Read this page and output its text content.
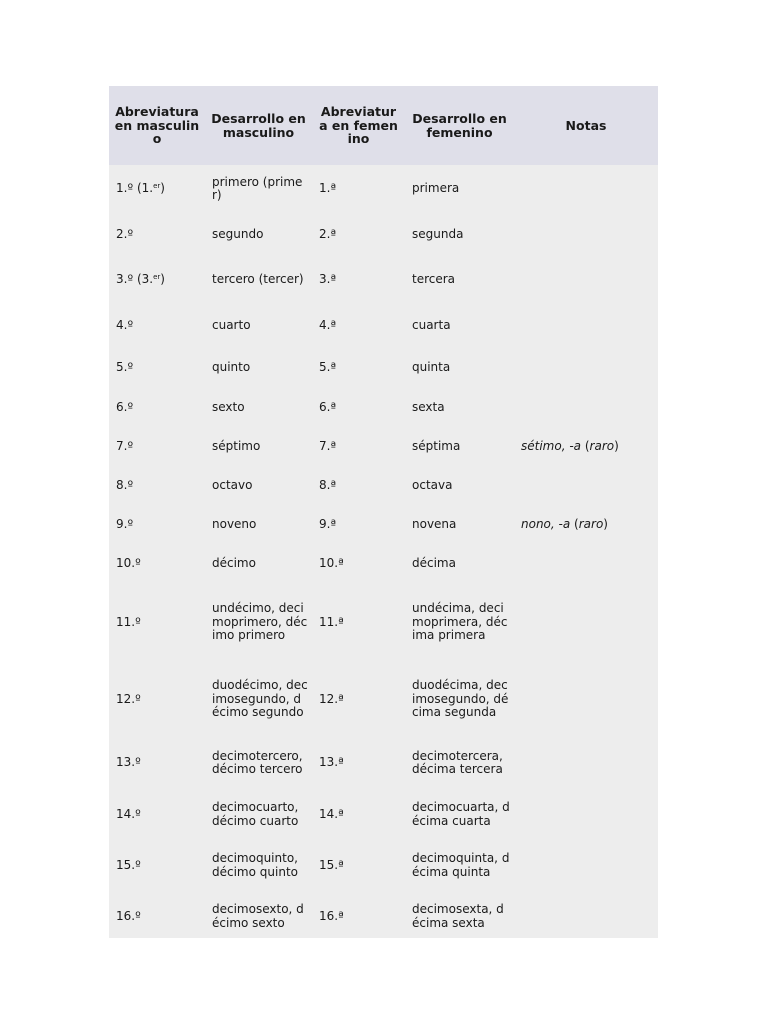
Abreviatura en masculino	Desarrollo en masculino	Abreviatura en femenino	Desarrollo en femenino	Notas
1.º (1.$^{er}$)	primero (primer)	1.ª	primera	
2.º	segundo	2.ª	segunda	
3.º (3.$^{er}$)	tercero (tercer)	3.ª	tercera	
4.º	cuarto	4.ª	cuarta	
5.º	quinto	5.ª	quinta	
6.º	sexto	6.ª	sexta	
7.º	séptimo	7.ª	séptima	sétimo, -a (raro)
8.º	octavo	8.ª	octava	
9.º	noveno	9.ª	novena	nono, -a (raro)
10.º	décimo	10.ª	décima	
11.º	undécimo, decimoprimero, décimo primero	11.ª	undécima, decimoprimera, décima primera	
12.º	duodécimo, decimosegundo, décimo segundo	12.ª	duodécima, decimosegundo, décima segunda	
13.º	decimotercero, décimo tercero	13.ª	decimotercera, décima tercera	
14.º	decimocuarto, décimo cuarto	14.ª	decimocuarta, décima cuarta	
15.º	decimoquinto, décimo quinto	15.ª	decimoquinta, décima quinta	
16.º	decimosexto, décimo sexto	16.ª	decimosexta, décima sexta	
